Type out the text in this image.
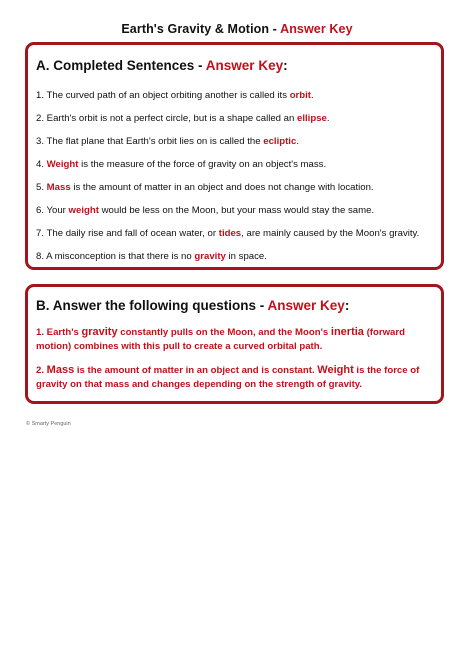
Earth's Gravity & Motion - Answer Key
A. Completed Sentences - Answer Key:
1. The curved path of an object orbiting another is called its orbit.
2. Earth's orbit is not a perfect circle, but is a shape called an ellipse.
3. The flat plane that Earth's orbit lies on is called the ecliptic.
4. Weight is the measure of the force of gravity on an object's mass.
5. Mass is the amount of matter in an object and does not change with location.
6. Your weight would be less on the Moon, but your mass would stay the same.
7. The daily rise and fall of ocean water, or tides, are mainly caused by the Moon's gravity.
8. A misconception is that there is no gravity in space.
B. Answer the following questions - Answer Key:
1. Earth's gravity constantly pulls on the Moon, and the Moon's inertia (forward motion) combines with this pull to create a curved orbital path.
2. Mass is the amount of matter in an object and is constant. Weight is the force of gravity on that mass and changes depending on the strength of gravity.
© Smarty Penguin
